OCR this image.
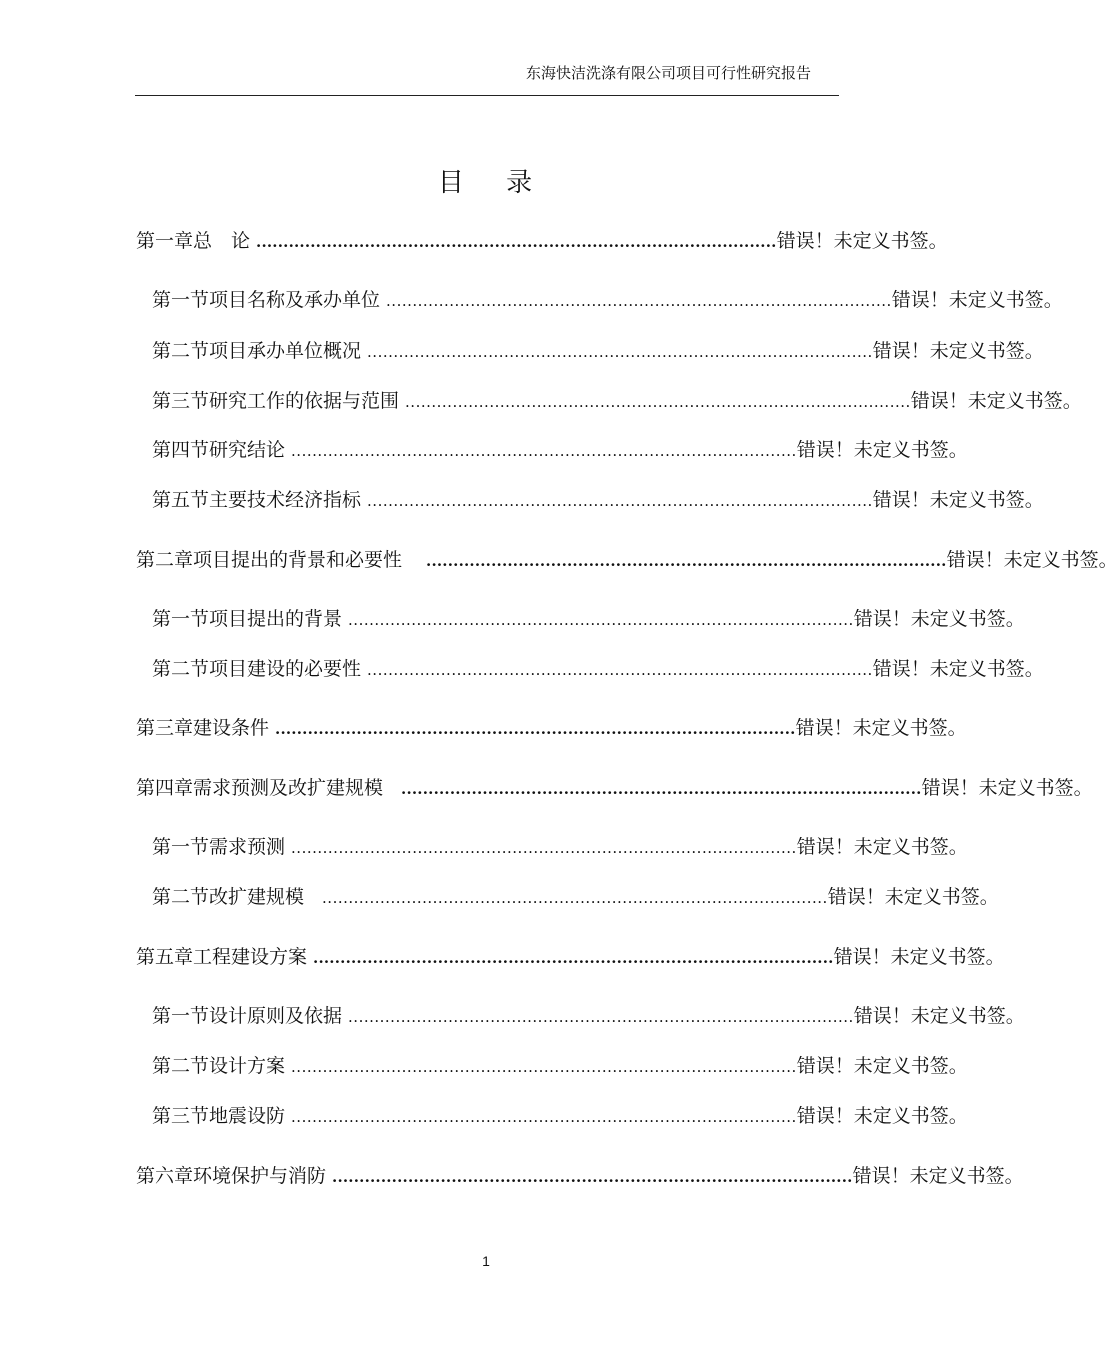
东海快洁洗涤有限公司项目可行性研究报告
目 录
第一章 总　论 ................................................................................................ 错误！未定义书签。
第一节 项目名称及承办单位 ................................................................................................ 错误！未定义书签。
第二节 项目承办单位概况 ................................................................................................ 错误！未定义书签。
第三节 研究工作的依据与范围 ................................................................................................ 错误！未定义书签。
第四节 研究结论 ................................................................................................ 错误！未定义书签。
第五节 主要技术经济指标 ................................................................................................ 错误！未定义书签。
第二章 项目提出的背景和必要性 ................................................................................................ 错误！未定义书签。
第一节 项目提出的背景 ................................................................................................ 错误！未定义书签。
第二节 项目建设的必要性 ................................................................................................ 错误！未定义书签。
第三章 建设条件 ................................................................................................ 错误！未定义书签。
第四章 需求预测及改扩建规模 ................................................................................................ 错误！未定义书签。
第一节 需求预测 ................................................................................................ 错误！未定义书签。
第二节 改扩建规模 ................................................................................................ 错误！未定义书签。
第五章 工程建设方案 ................................................................................................ 错误！未定义书签。
第一节 设计原则及依据 ................................................................................................ 错误！未定义书签。
第二节 设计方案 ................................................................................................ 错误！未定义书签。
第三节 地震设防 ................................................................................................ 错误！未定义书签。
第六章 环境保护与消防 ................................................................................................ 错误！未定义书签。
1
